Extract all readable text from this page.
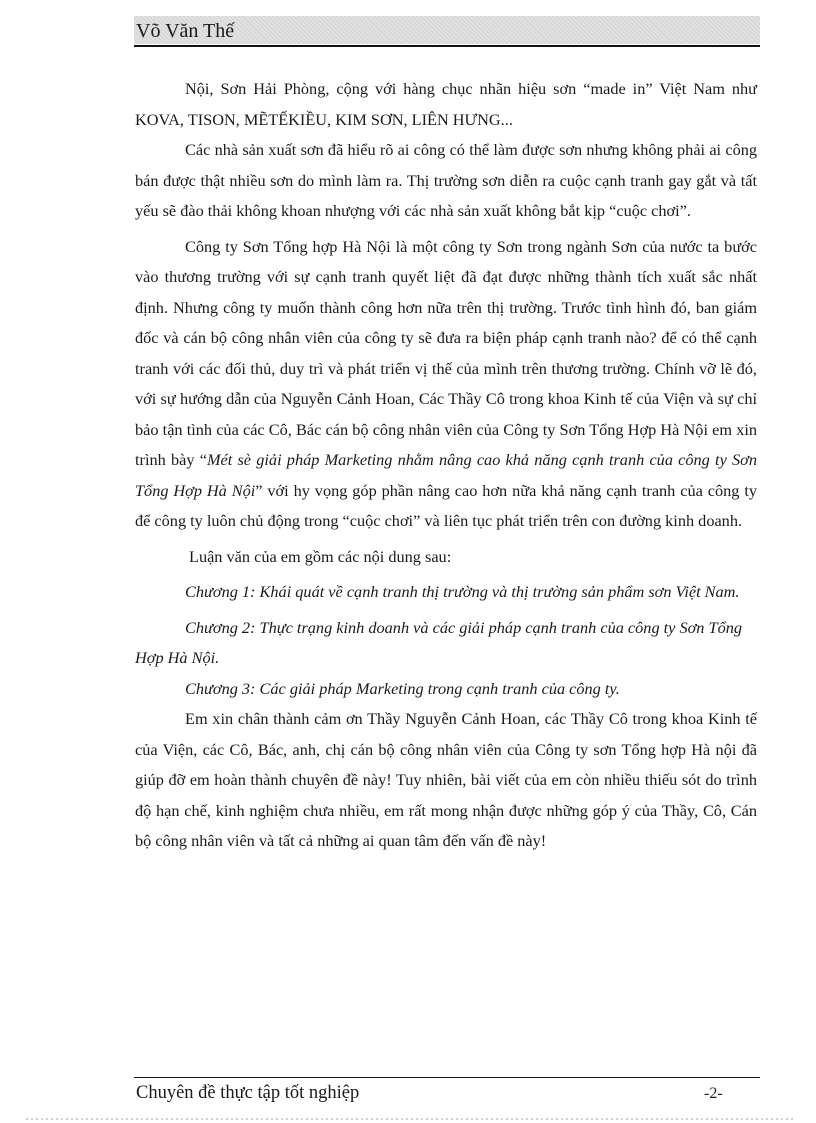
Võ Văn Thế

Nội, Sơn Hải Phòng, cộng với hàng chục nhãn hiệu sơn “made in” Việt Nam như KOVA, TISON, MẼTẾKIỀU, KIM SƠN, LIÊN HƯNG...

Các nhà sản xuất sơn đã hiểu rõ ai công có thể làm được sơn nhưng không phải ai công bán được thật nhiều sơn do mình làm ra. Thị trường sơn diễn ra cuộc cạnh tranh gay gắt và tất yếu sẽ đào thải không khoan nhượng với các nhà sản xuất không bắt kịp “cuộc chơi”.

Công ty Sơn Tổng hợp Hà Nội là một công ty Sơn trong ngành Sơn của nước ta bước vào thương trường với sự cạnh tranh quyết liệt đã đạt được những thành tích xuất sắc nhất định. Nhưng công ty muốn thành công hơn nữa trên thị trường. Trước tình hình đó, ban giám đốc và cán bộ công nhân viên của công ty sẽ đưa ra biện pháp cạnh tranh nào? để có thể cạnh tranh với các đối thủ, duy trì và phát triển vị thế của mình trên thương trường. Chính vỡ lẽ đó, với sự hướng dẫn của Nguyễn Cảnh Hoan, Các Thầy Cô trong khoa Kinh tế của Viện và sự chỉ bảo tận tình của các Cô, Bác cán bộ công nhân viên của Công ty Sơn Tổng Hợp Hà Nội em xin trình bày “Mét sè giải pháp Marketing nhằm nâng cao khả năng cạnh tranh của công ty Sơn Tổng Hợp Hà Nội” với hy vọng góp phần nâng cao hơn nữa khả năng cạnh tranh của công ty để công ty luôn chủ động trong “cuộc chơi” và liên tục phát triển trên con đường kinh doanh.

Luận văn của em gồm các nội dung sau:

Chương 1: Khái quát về cạnh tranh thị trường và thị trường sản phẩm sơn Việt Nam.

Chương 2: Thực trạng kinh doanh và các giải pháp cạnh tranh của công ty Sơn Tổng Hợp Hà Nội.

Chương 3: Các giải pháp Marketing trong cạnh tranh của công ty.

Em xin chân thành cảm ơn Thầy Nguyễn Cảnh Hoan, các Thầy Cô trong khoa Kinh tế của Viện, các Cô, Bác, anh, chị cán bộ công nhân viên của Công ty sơn Tổng hợp Hà nội đã giúp đỡ em hoàn thành chuyên đề này! Tuy nhiên, bài viết của em còn nhiều thiếu sót do trình độ hạn chế, kinh nghiệm chưa nhiều, em rất mong nhận được những góp ý của Thầy, Cô, Cán bộ công nhân viên và tất cả những ai quan tâm đến vấn đề này!

Chuyên đề thực tập tốt nghiệp	-2-
